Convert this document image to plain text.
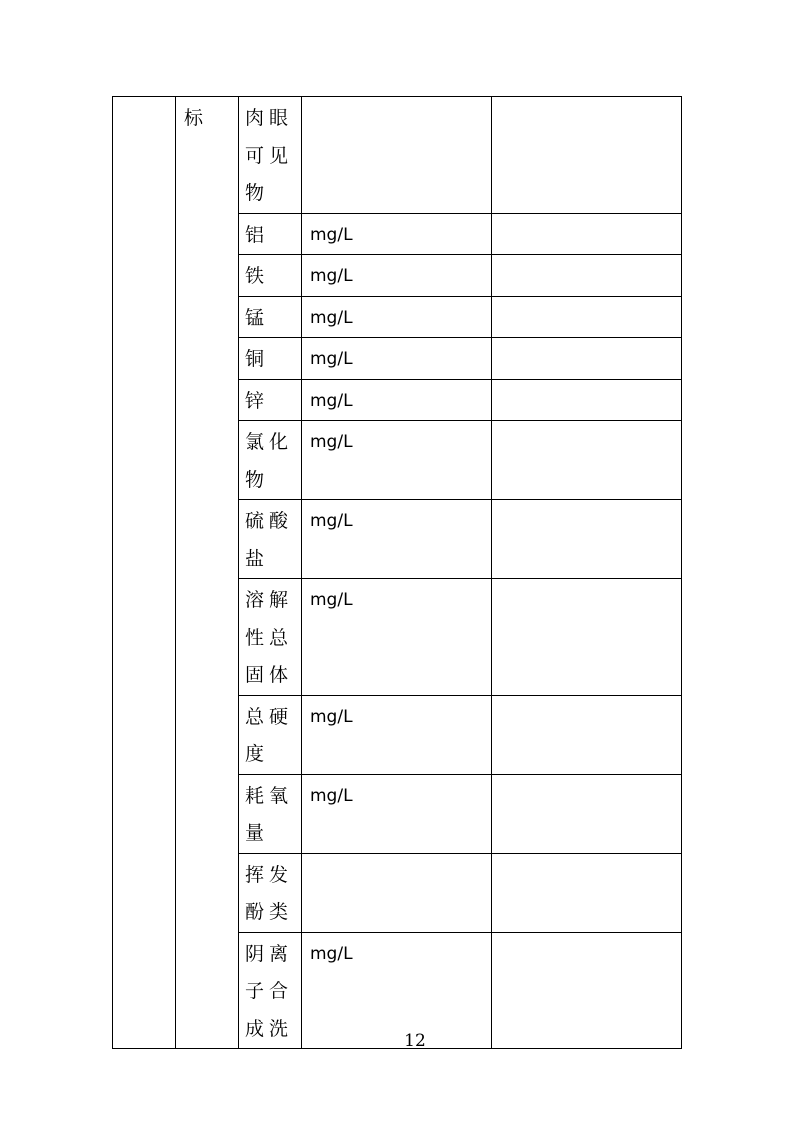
	标	肉眼
可见
物		

		铝	mg/L	

		铁	mg/L	

		锰	mg/L	

		铜	mg/L	

		锌	mg/L	

		氯化
物	mg/L	

		硫酸
盐	mg/L	

		溶解
性总
固体	mg/L	

		总硬
度	mg/L	

		耗氧
量	mg/L	

		挥发
酚类		

		阴离
子合
成洗	mg/L	
12
